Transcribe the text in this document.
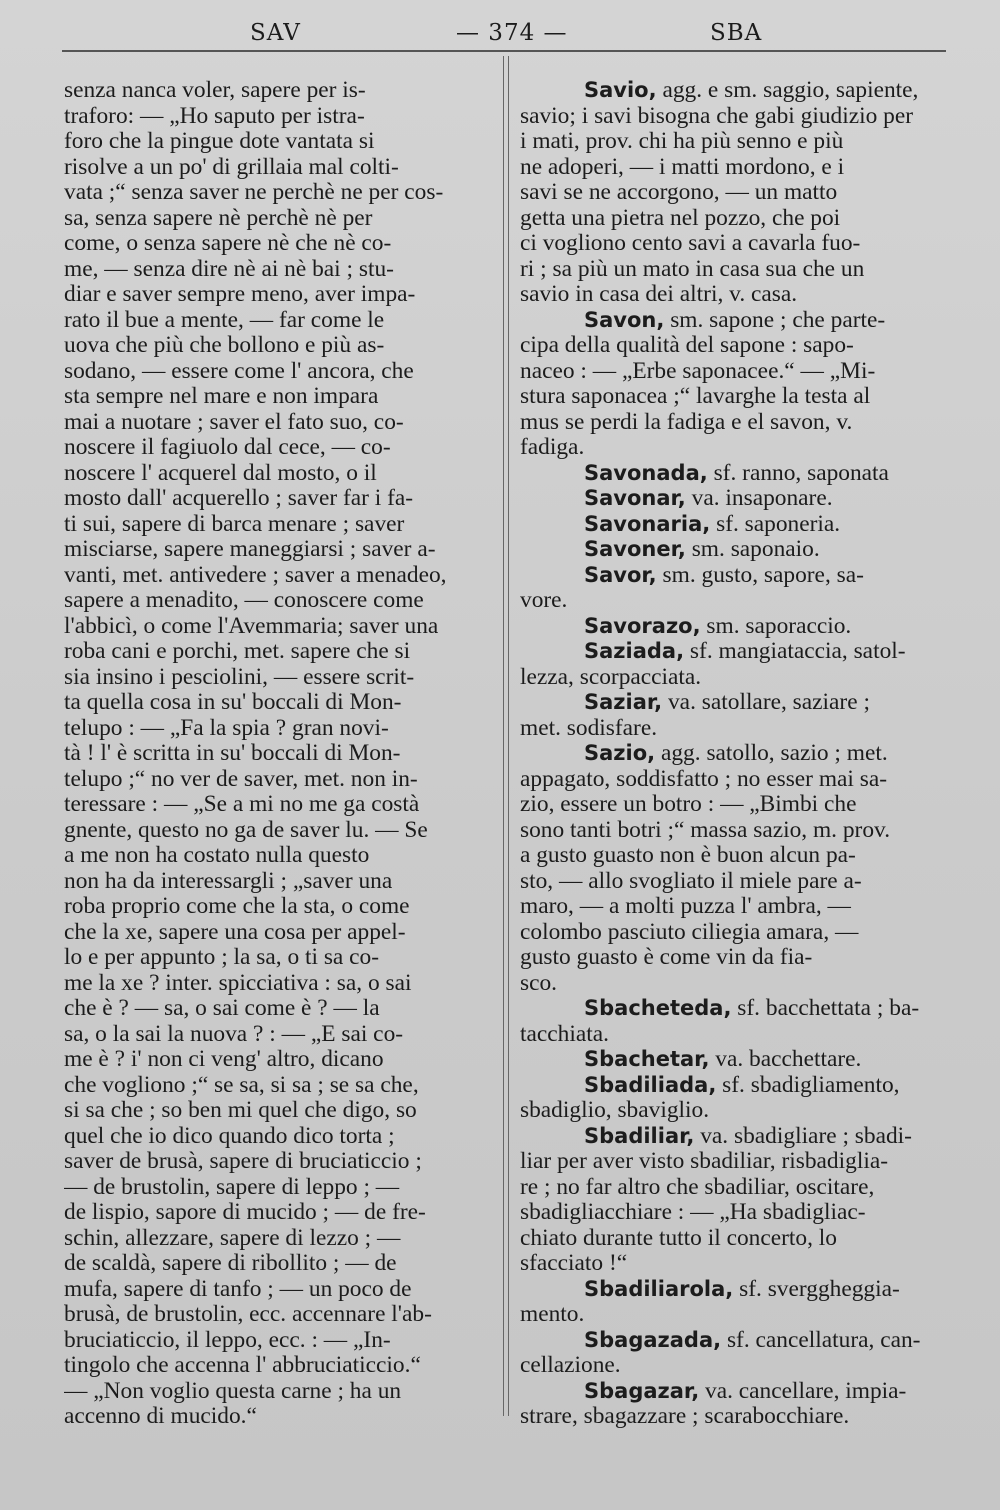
SAV	— 374 —	SBA
senza nanca voler, sapere per is-
traforo: — „Ho saputo per istra-
foro che la pingue dote vantata si
risolve a un po' di grillaia mal colti-
vata ;“ senza saver ne perchè ne per cos-
sa, senza sapere nè perchè nè per
come, o senza sapere nè che nè co-
me, — senza dire nè ai nè bai ; stu-
diar e saver sempre meno, aver impa-
rato il bue a mente, — far come le
uova che più che bollono e più as-
sodano, — essere come l' ancora, che
sta sempre nel mare e non impara
mai a nuotare ; saver el fato suo, co-
noscere il fagiuolo dal cece, — co-
noscere l' acquerel dal mosto, o il
mosto dall' acquerello ; saver far i fa-
ti sui, sapere di barca menare ; saver
misciarse, sapere maneggiarsi ; saver a-
vanti, met. antivedere ; saver a menadeo,
sapere a menadito, — conoscere come
l'abbicì, o come l'Avemmaria; saver una
roba cani e porchi, met. sapere che si
sia insino i pesciolini, — essere scrit-
ta quella cosa in su' boccali di Mon-
telupo : — „Fa la spia ? gran novi-
tà ! l' è scritta in su' boccali di Mon-
telupo ;“ no ver de saver, met. non in-
teressare : — „Se a mi no me ga costà
gnente, questo no ga de saver lu. — Se
a me non ha costato nulla questo
non ha da interessargli ; „saver una
roba proprio come che la sta, o come
che la xe, sapere una cosa per appel-
lo e per appunto ; la sa, o ti sa co-
me la xe ? inter. spicciativa : sa, o sai
che è ? — sa, o sai come è ? — la
sa, o la sai la nuova ? : — „E sai co-
me è ? i' non ci veng' altro, dicano
che vogliono ;“ se sa, si sa ; se sa che,
si sa che ; so ben mi quel che digo, so
quel che io dico quando dico torta ;
saver de brusà, sapere di bruciaticcio ;
— de brustolin, sapere di leppo ; —
de lispio, sapore di mucido ; — de fre-
schin, allezzare, sapere di lezzo ; —
de scaldà, sapere di ribollito ; — de
mufa, sapere di tanfo ; — un poco de
brusà, de brustolin, ecc. accennare l'ab-
bruciaticcio, il leppo, ecc. : — „In-
tingolo che accenna l' abbruciaticcio.“
— „Non voglio questa carne ; ha un
accenno di mucido.“
Savio, agg. e sm. saggio, sapiente,
savio; i savi bisogna che gabi giudizio per
i mati, prov. chi ha più senno e più
ne adoperi, — i matti mordono, e i
savi se ne accorgono, — un matto
getta una pietra nel pozzo, che poi
ci vogliono cento savi a cavarla fuo-
ri ; sa più un mato in casa sua che un
savio in casa dei altri, v. casa.
Savon, sm. sapone ; che parte-
cipa della qualità del sapone : sapo-
naceo : — „Erbe saponacee.“ — „Mi-
stura saponacea ;“ lavarghe la testa al
mus se perdi la fadiga e el savon, v.
fadiga.
Savonada, sf. ranno, saponata
Savonar, va. insaponare.
Savonaria, sf. saponeria.
Savoner, sm. saponaio.
Savor, sm. gusto, sapore, sa-
vore.
Savorazo, sm. saporaccio.
Saziada, sf. mangiataccia, satol-
lezza, scorpacciata.
Saziar, va. satollare, saziare ;
met. sodisfare.
Sazio, agg. satollo, sazio ; met.
appagato, soddisfatto ; no esser mai sa-
zio, essere un botro : — „Bimbi che
sono tanti botri ;“ massa sazio, m. prov.
a gusto guasto non è buon alcun pa-
sto, — allo svogliato il miele pare a-
maro, — a molti puzza l' ambra, —
colombo pasciuto ciliegia amara, —
gusto guasto è come vin da fia-
sco.
Sbacheteda, sf. bacchettata ; ba-
tacchiata.
Sbachetar, va. bacchettare.
Sbadiliada, sf. sbadigliamento,
sbadiglio, sbaviglio.
Sbadiliar, va. sbadigliare ; sbadi-
liar per aver visto sbadiliar, risbadiglia-
re ; no far altro che sbadiliar, oscitare,
sbadigliacchiare : — „Ha sbadigliac-
chiato durante tutto il concerto, lo
sfacciato !“
Sbadiliarola, sf. sverggheggia-
mento.
Sbagazada, sf. cancellatura, can-
cellazione.
Sbagazar, va. cancellare, impia-
strare, sbagazzare ; scarabocchiare.
